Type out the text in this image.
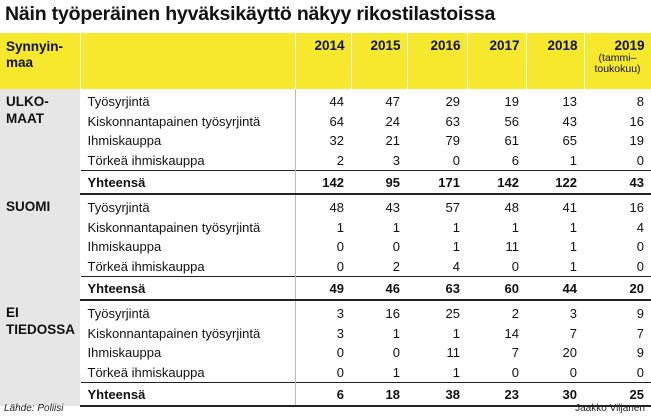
Näin työperäinen hyväksikäyttö näkyy rikostilastoissa
Synnyin-
maa		2014	2015	2016	2017	2018	2019
(tammi–
toukokuu)

ULKO-
MAAT	Työsyrjintä	44	47	29	19	13	8
	Kiskonnantapainen työsyrjintä	64	24	63	56	43	16
	Ihmiskauppa	32	21	79	61	65	19
	Törkeä ihmiskauppa	2	3	0	6	1	0
	Yhteensä	142	95	171	142	122	43
SUOMI	Työsyrjintä	48	43	57	48	41	16
	Kiskonnantapainen työsyrjintä	1	1	1	1	1	4
	Ihmiskauppa	0	0	1	11	1	0
	Törkeä ihmiskauppa	0	2	4	0	1	0
	Yhteensä	49	46	63	60	44	20
EI
TIEDOSSA	Työsyrjintä	3	16	25	2	3	9
	Kiskonnantapainen työsyrjintä	3	1	1	14	7	7
	Ihmiskauppa	0	0	11	7	20	9
	Törkeä ihmiskauppa	0	1	1	0	0	0
	Yhteensä	6	18	38	23	30	25
Lähde: Poliisi	Jaakko Viljanen
